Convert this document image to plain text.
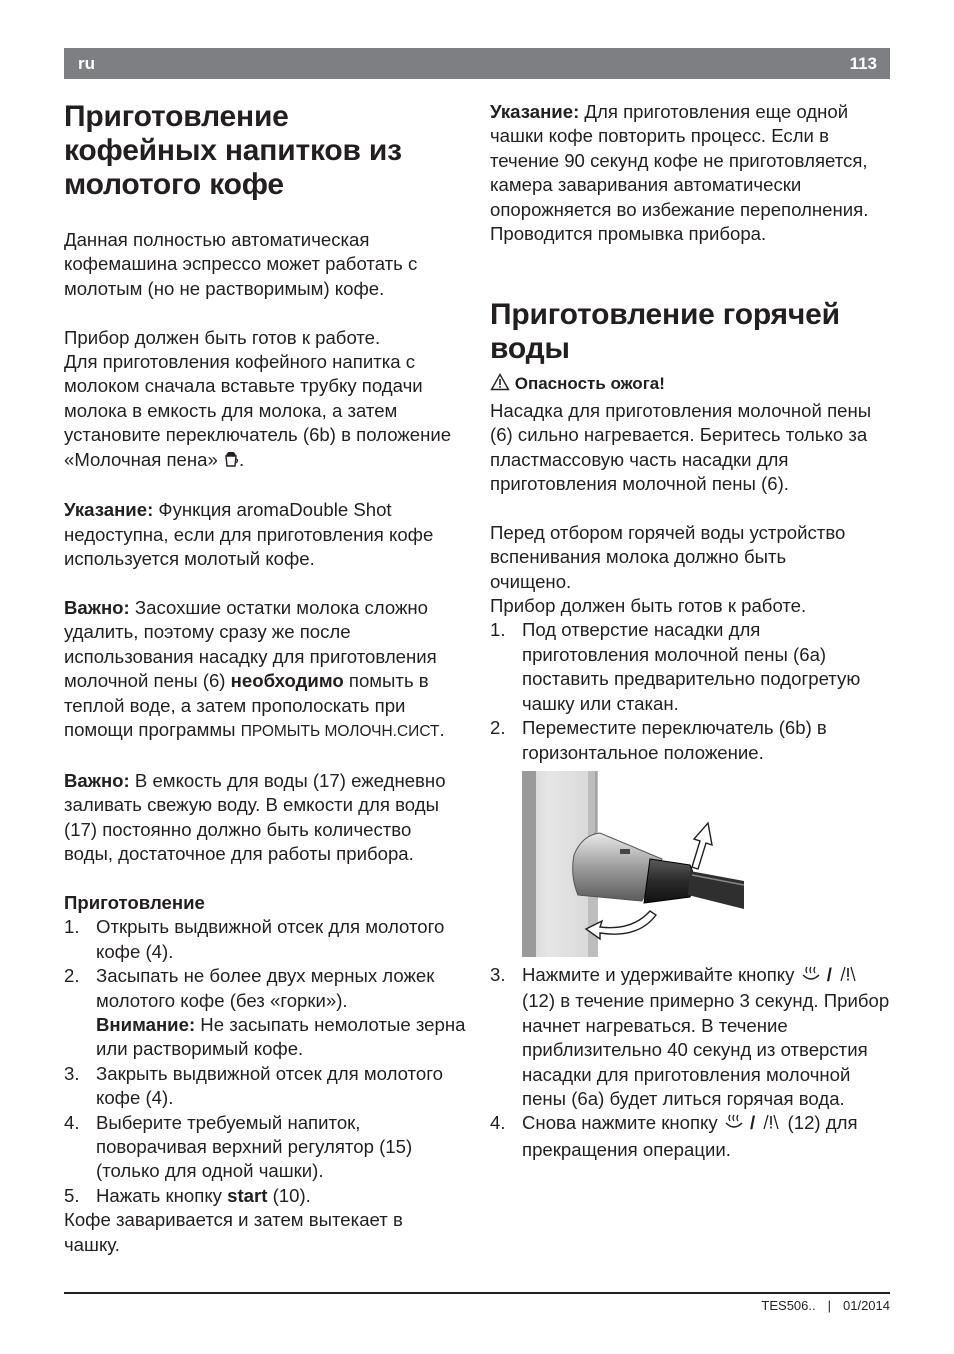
ru	113
Приготовление кофейных напитков из молотого кофе

Данная полностью автоматическая кофемашина эспрессо может работать с молотым (но не растворимым) кофе.

Прибор должен быть готов к работе.

Для приготовления кофейного напитка с молоком сначала вставьте трубку подачи молока в емкость для молока, а затем установите переключатель (6b) в положение «Молочная пена» .

Указание: Функция aromaDouble Shot недоступна, если для приготовления кофе используется молотый кофе.

Важно: Засохшие остатки молока сложно удалить, поэтому сразу же после использования насадку для приготовления молочной пены (6) необходимо помыть в теплой воде, а затем прополоскать при помощи программы ПРОМЫТЬ МОЛОЧН.СИСТ.

Важно: В емкость для воды (17) ежедневно заливать свежую воду. В емкости для воды (17) постоянно должно быть количество воды, достаточное для работы прибора.

Приготовление

1. Открыть выдвижной отсек для молотого кофе (4).
2. Засыпать не более двух мерных ложек молотого кофе (без «горки»).
Внимание: Не засыпать немолотые зерна или растворимый кофе.
3. Закрыть выдвижной отсек для молотого кофе (4).
4. Выберите требуемый напиток, поворачивая верхний регулятор (15) (только для одной чашки).
5. Нажать кнопку start (10).

Кофе заваривается и затем вытекает в чашку.

Указание: Для приготовления еще одной чашки кофе повторить процесс. Если в течение 90 секунд кофе не приготовляется, камера заваривания автоматически опорожняется во избежание переполнения. Проводится промывка прибора.

Приготовление горячей воды

Опасность ожога!

Насадка для приготовления молочной пены (6) сильно нагревается. Беритесь только за пластмассовую часть насадки для приготовления молочной пены (6).

Перед отбором горячей воды устройство вспенивания молока должно быть очищено.

Прибор должен быть готов к работе.

1. Под отверстие насадки для приготовления молочной пены (6a) поставить предварительно подогретую чашку или стакан.
2. Переместите переключатель (6b) в горизонтальное положение.
3. Нажмите и удерживайте кнопку  /  (12) в течение примерно 3 секунд. Прибор начнет нагреваться. В течение приблизительно 40 секунд из отверстия насадки для приготовления молочной пены (6a) будет литься горячая вода.
4. Снова нажмите кнопку  /  (12) для прекращения операции.
TES506.. | 01/2014
